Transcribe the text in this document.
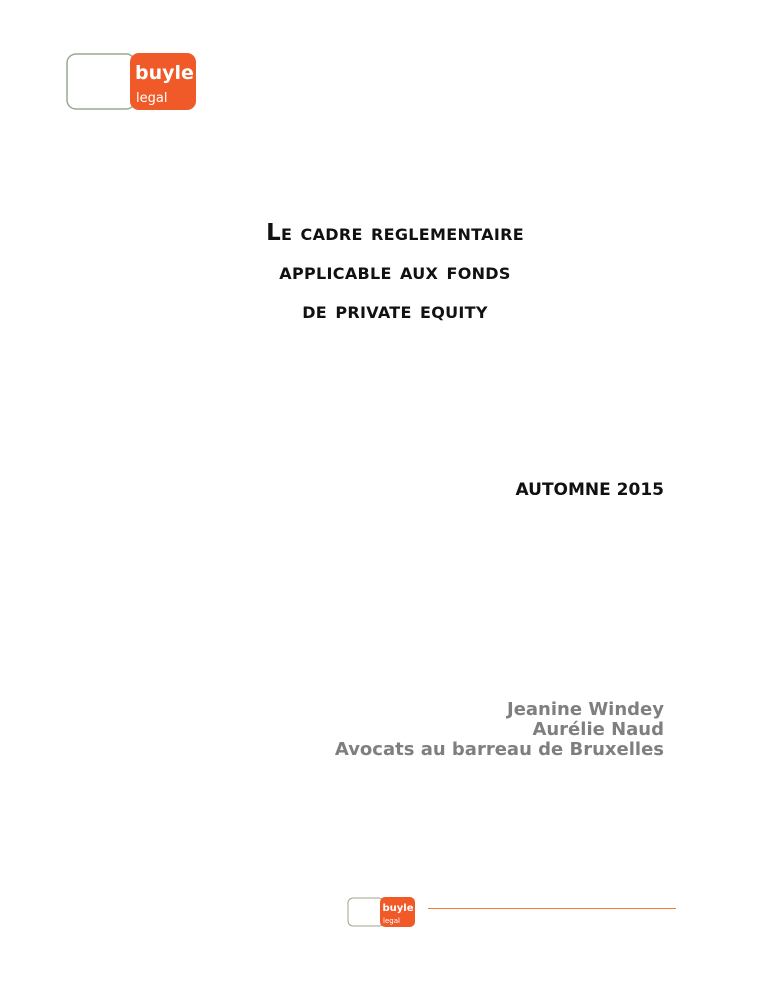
buyle
legal
Le cadre reglementaire
applicable aux fonds
de private equity
AUTOMNE 2015
Jeanine Windey
Aurélie Naud
Avocats au barreau de Bruxelles
buyle
legal
